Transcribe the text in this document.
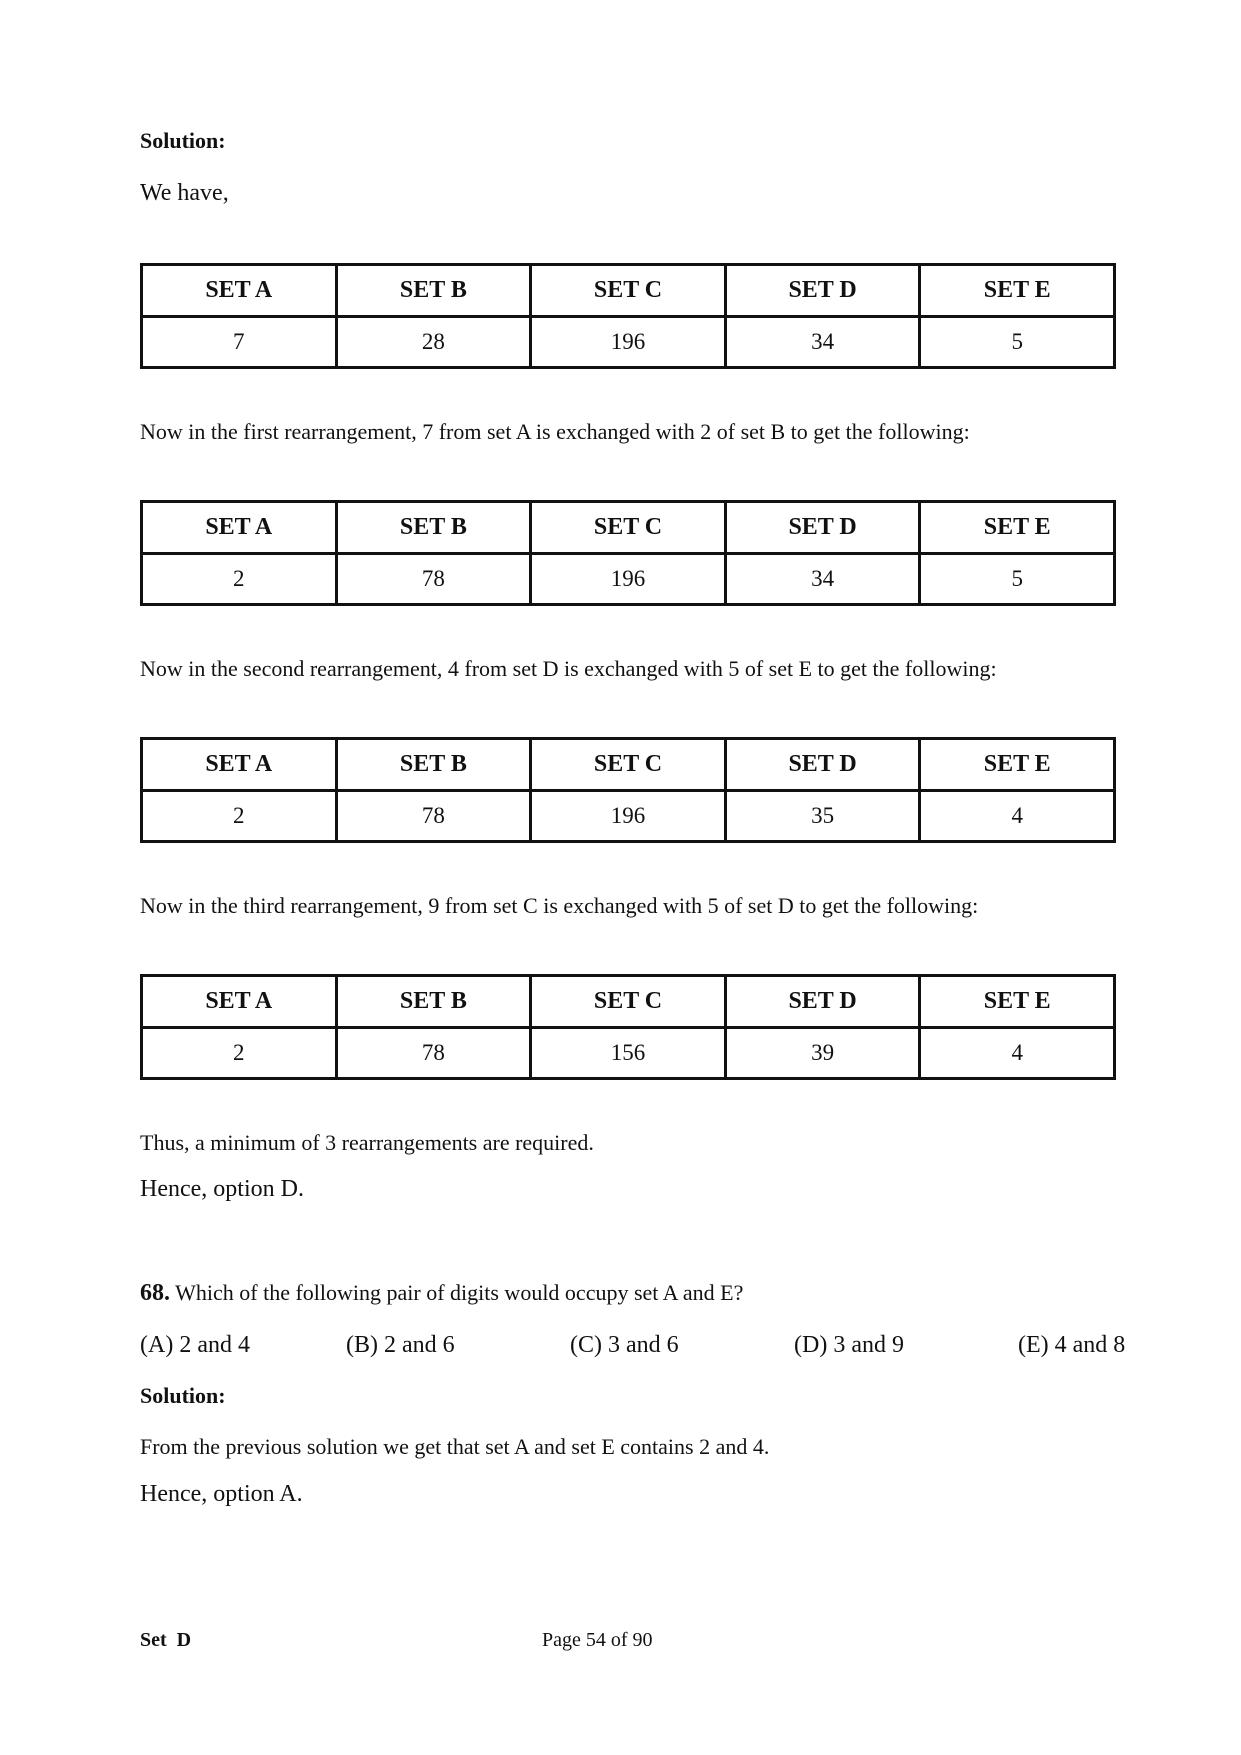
Solution:
We have,
SET A	SET B	SET C	SET D	SET E
7	28	196	34	5
Now in the first rearrangement, 7 from set A is exchanged with 2 of set B to get the following:
SET A	SET B	SET C	SET D	SET E
2	78	196	34	5
Now in the second rearrangement, 4 from set D is exchanged with 5 of set E to get the following:
SET A	SET B	SET C	SET D	SET E
2	78	196	35	4
Now in the third rearrangement, 9 from set C is exchanged with 5 of set D to get the following:
SET A	SET B	SET C	SET D	SET E
2	78	156	39	4
Thus, a minimum of 3 rearrangements are required.
Hence, option D.
68. Which of the following pair of digits would occupy set A and E?
(A) 2 and 4	(B) 2 and 6	(C) 3 and 6	(D) 3 and 9	(E) 4 and 8
Solution:
From the previous solution we get that set A and set E contains 2 and 4.
Hence, option A.
Set  D	Page 54 of 90
